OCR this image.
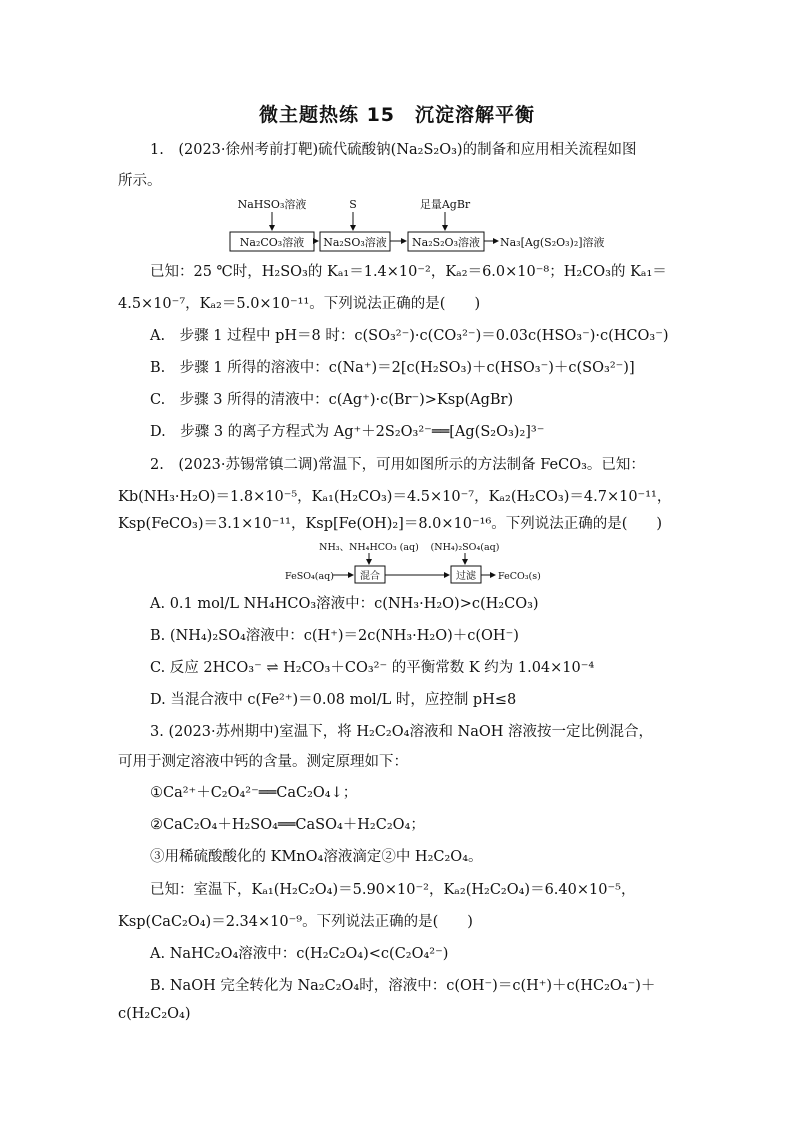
微主题热练 15　沉淀溶解平衡
1.　(2023·徐州考前打靶)硫代硫酸钠(Na₂S₂O₃)的制备和应用相关流程如图
所示。
NaHSO₃溶液	S	足量AgBr
Na₂CO₃溶液 Na₂SO₃溶液 Na₂S₂O₃溶液 Na₃[Ag(S₂O₃)₂]溶液
已知：25 ℃时，H₂SO₃的 Kₐ₁＝1.4×10⁻²，Kₐ₂＝6.0×10⁻⁸；H₂CO₃的 Kₐ₁＝
4.5×10⁻⁷，Kₐ₂＝5.0×10⁻¹¹。下列说法正确的是(　　)
A.　步骤 1 过程中 pH＝8 时：c(SO₃²⁻)·c(CO₃²⁻)＝0.03c(HSO₃⁻)·c(HCO₃⁻)
B.　步骤 1 所得的溶液中：c(Na⁺)＝2[c(H₂SO₃)＋c(HSO₃⁻)＋c(SO₃²⁻)]
C.　步骤 3 所得的清液中：c(Ag⁺)·c(Br⁻)>Ksp(AgBr)
D.　步骤 3 的离子方程式为 Ag⁺＋2S₂O₃²⁻══[Ag(S₂O₃)₂]³⁻
2.　(2023·苏锡常镇二调)常温下，可用如图所示的方法制备 FeCO₃。已知：
Kb(NH₃·H₂O)＝1.8×10⁻⁵，Kₐ₁(H₂CO₃)＝4.5×10⁻⁷，Kₐ₂(H₂CO₃)＝4.7×10⁻¹¹，
Ksp(FeCO₃)＝3.1×10⁻¹¹，Ksp[Fe(OH)₂]＝8.0×10⁻¹⁶。下列说法正确的是(　　)
NH₃、NH₄HCO₃ (aq) (NH₄)₂SO₄(aq)
FeSO₄(aq)	混合	过滤 FeCO₃(s)
A. 0.1 mol/L NH₄HCO₃溶液中：c(NH₃·H₂O)>c(H₂CO₃)
B. (NH₄)₂SO₄溶液中：c(H⁺)＝2c(NH₃·H₂O)＋c(OH⁻)
C. 反应 2HCO₃⁻ ⇌ H₂CO₃＋CO₃²⁻ 的平衡常数 K 约为 1.04×10⁻⁴
D. 当混合液中 c(Fe²⁺)＝0.08 mol/L 时，应控制 pH≤8
3. (2023·苏州期中)室温下，将 H₂C₂O₄溶液和 NaOH 溶液按一定比例混合，
可用于测定溶液中钙的含量。测定原理如下：
①Ca²⁺＋C₂O₄²⁻══CaC₂O₄↓；
②CaC₂O₄＋H₂SO₄══CaSO₄＋H₂C₂O₄；
③用稀硫酸酸化的 KMnO₄溶液滴定②中 H₂C₂O₄。
已知：室温下，Kₐ₁(H₂C₂O₄)＝5.90×10⁻²，Kₐ₂(H₂C₂O₄)＝6.40×10⁻⁵，
Ksp(CaC₂O₄)＝2.34×10⁻⁹。下列说法正确的是(　　)
A. NaHC₂O₄溶液中：c(H₂C₂O₄)<c(C₂O₄²⁻)
B. NaOH 完全转化为 Na₂C₂O₄时，溶液中：c(OH⁻)＝c(H⁺)＋c(HC₂O₄⁻)＋
c(H₂C₂O₄)
